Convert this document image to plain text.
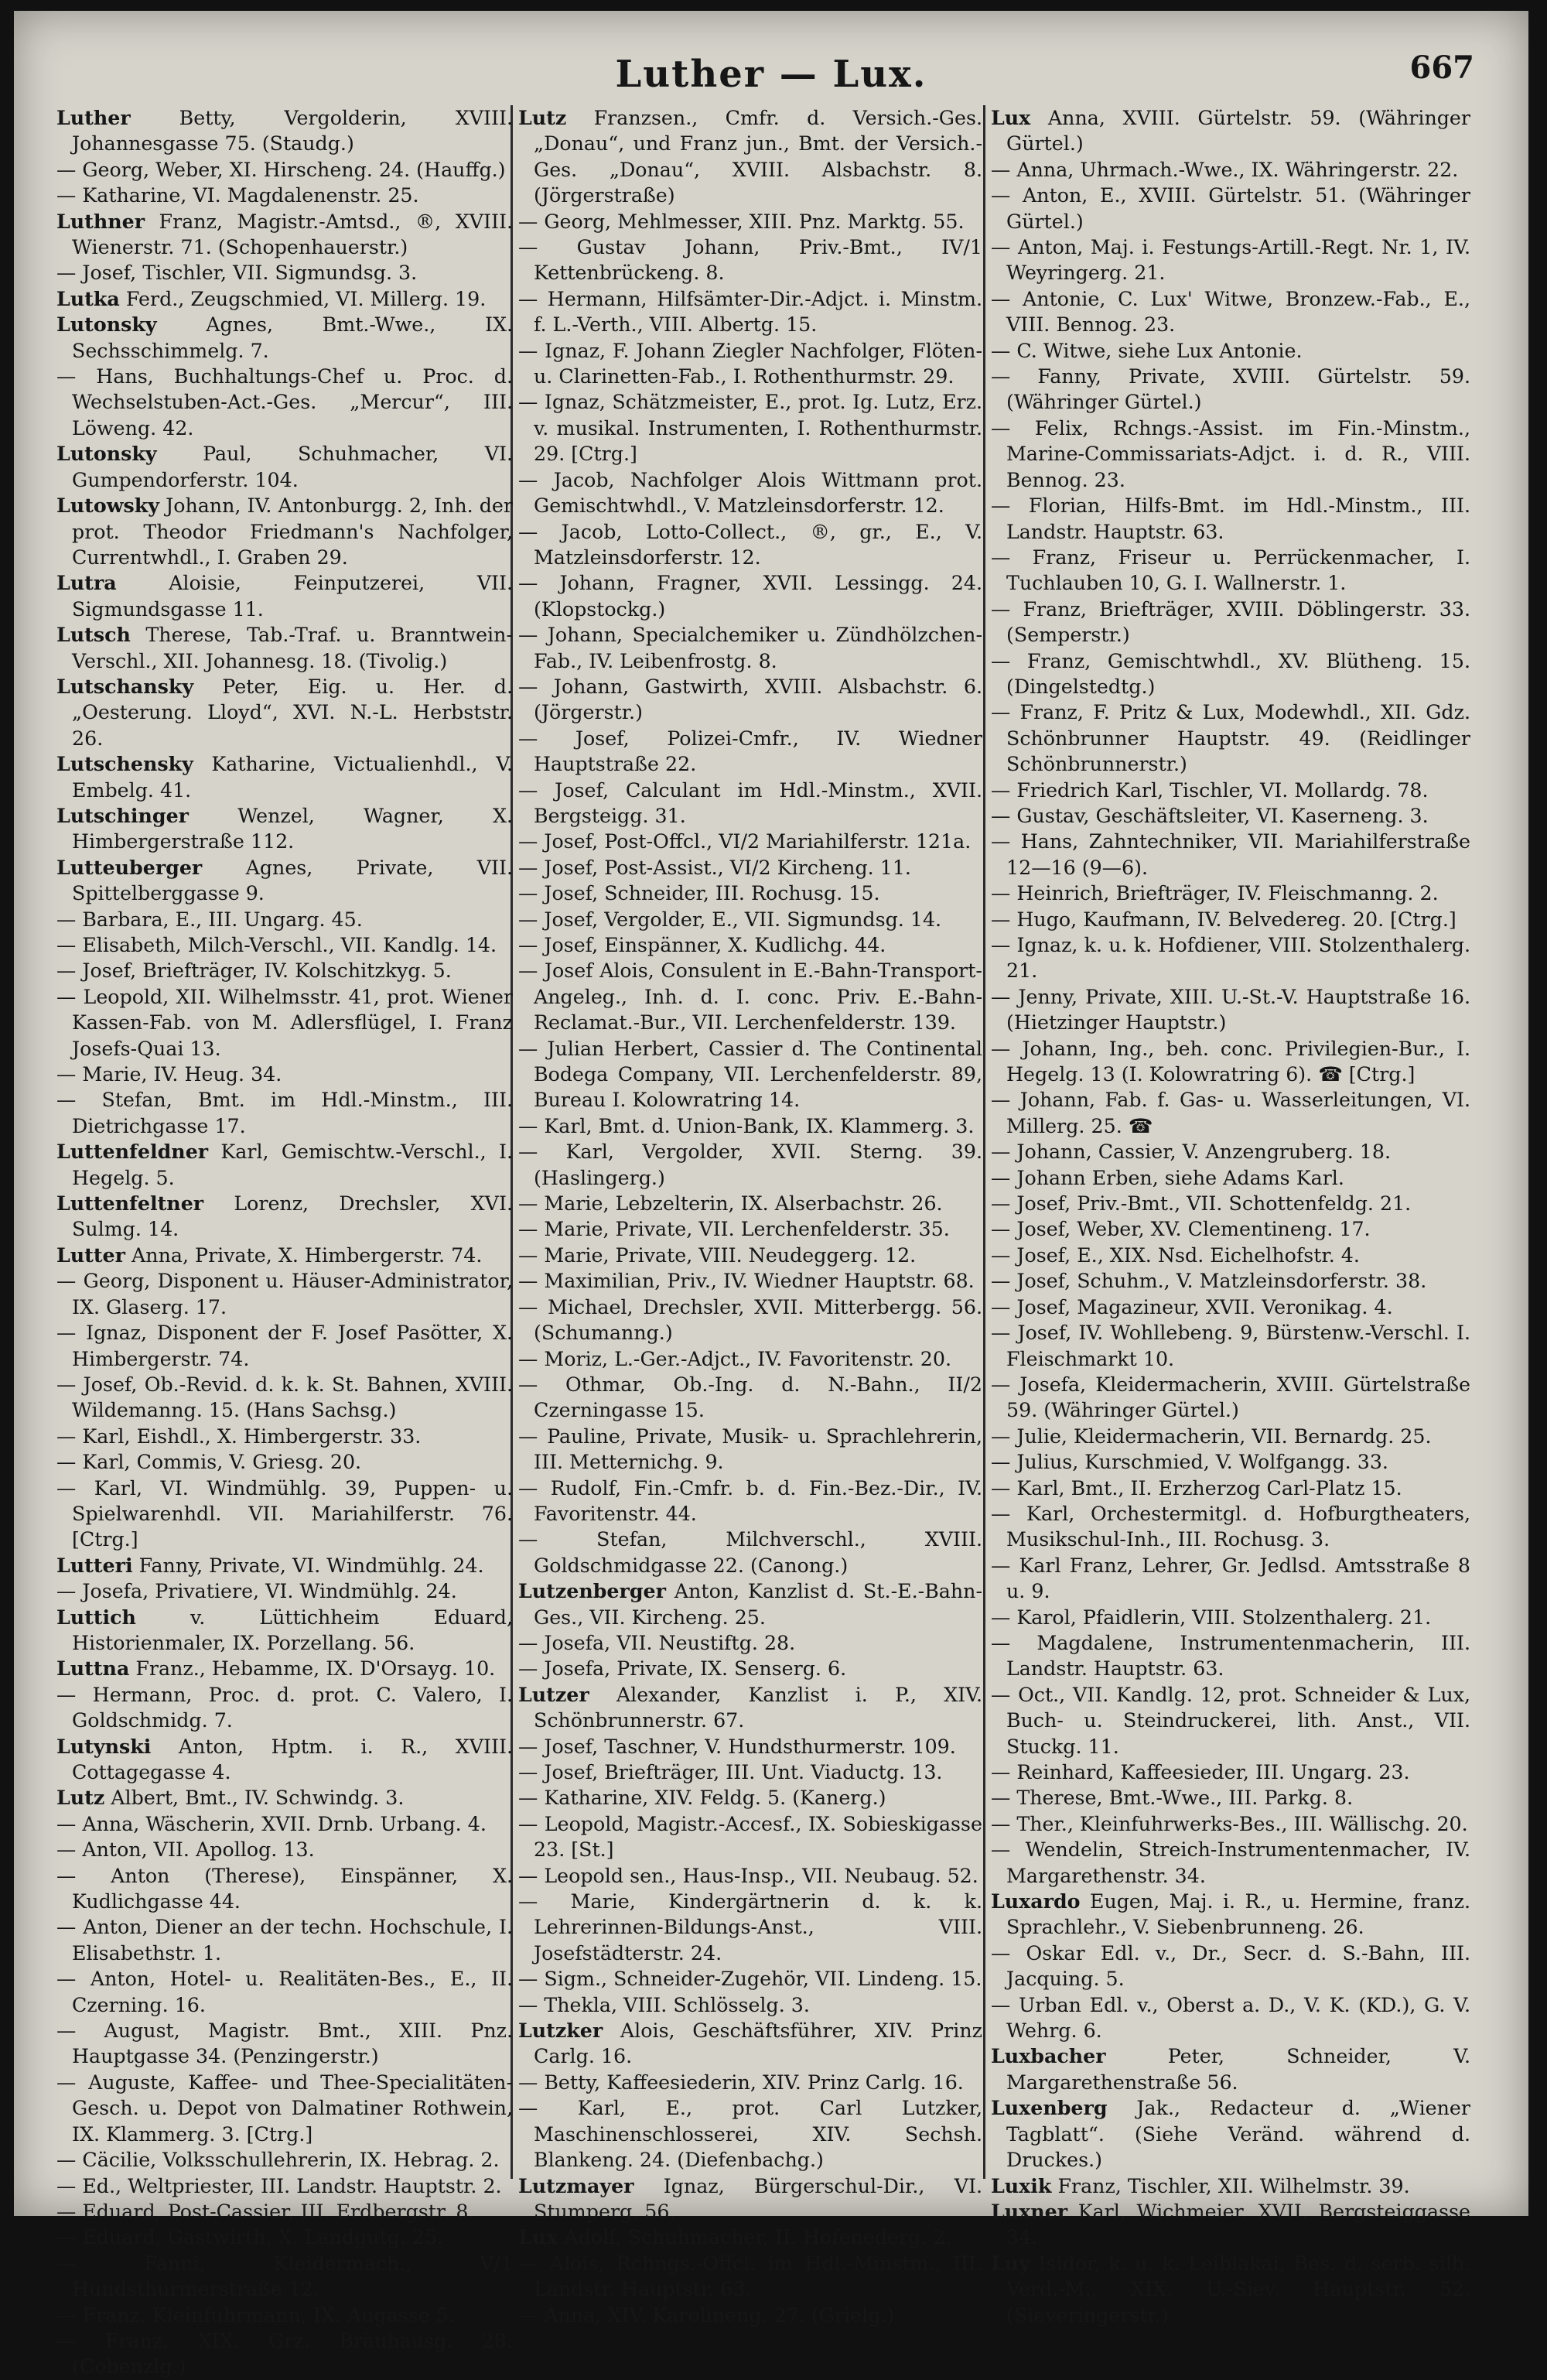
Luther — Lux.	667
Luther Betty, Vergolderin, XVIII. Johannesgasse 75. (Staudg.)
— Georg, Weber, XI. Hirscheng. 24. (Hauffg.)
— Katharine, VI. Magdalenenstr. 25.
Luthner Franz, Magistr.-Amtsd., ®, XVIII. Wienerstr. 71. (Schopenhauerstr.)
— Josef, Tischler, VII. Sigmundsg. 3.
Lutka Ferd., Zeugschmied, VI. Millerg. 19.
Lutonsky Agnes, Bmt.-Wwe., IX. Sechsschimmelg. 7.
— Hans, Buchhaltungs-Chef u. Proc. d. Wechselstuben-Act.-Ges. „Mercur“, III. Löweng. 42.
Lutonsky Paul, Schuhmacher, VI. Gumpendorferstr. 104.
Lutowsky Johann, IV. Antonburgg. 2, Inh. der prot. Theodor Friedmann's Nachfolger, Currentwhdl., I. Graben 29.
Lutra Aloisie, Feinputzerei, VII. Sigmundsgasse 11.
Lutsch Therese, Tab.-Traf. u. Branntwein-Verschl., XII. Johannesg. 18. (Tivolig.)
Lutschansky Peter, Eig. u. Her. d. „Oesterung. Lloyd“, XVI. N.-L. Herbststr. 26.
Lutschensky Katharine, Victualienhdl., V. Embelg. 41.
Lutschinger Wenzel, Wagner, X. Himbergerstraße 112.
Lutteuberger Agnes, Private, VII. Spittelberggasse 9.
— Barbara, E., III. Ungarg. 45.
— Elisabeth, Milch-Verschl., VII. Kandlg. 14.
— Josef, Briefträger, IV. Kolschitzkyg. 5.
— Leopold, XII. Wilhelmsstr. 41, prot. Wiener Kassen-Fab. von M. Adlersflügel, I. Franz Josefs-Quai 13.
— Marie, IV. Heug. 34.
— Stefan, Bmt. im Hdl.-Minstm., III. Dietrichgasse 17.
Luttenfeldner Karl, Gemischtw.-Verschl., I. Hegelg. 5.
Luttenfeltner Lorenz, Drechsler, XVI. Sulmg. 14.
Lutter Anna, Private, X. Himbergerstr. 74.
— Georg, Disponent u. Häuser-Administrator, IX. Glaserg. 17.
— Ignaz, Disponent der F. Josef Pasötter, X. Himbergerstr. 74.
— Josef, Ob.-Revid. d. k. k. St. Bahnen, XVIII. Wildemanng. 15. (Hans Sachsg.)
— Karl, Eishdl., X. Himbergerstr. 33.
— Karl, Commis, V. Griesg. 20.
— Karl, VI. Windmühlg. 39, Puppen- u. Spielwarenhdl. VII. Mariahilferstr. 76. [Ctrg.]
Lutteri Fanny, Private, VI. Windmühlg. 24.
— Josefa, Privatiere, VI. Windmühlg. 24.
Luttich v. Lüttichheim Eduard, Historienmaler, IX. Porzellang. 56.
Luttna Franz., Hebamme, IX. D'Orsayg. 10.
— Hermann, Proc. d. prot. C. Valero, I. Goldschmidg. 7.
Lutynski Anton, Hptm. i. R., XVIII. Cottagegasse 4.
Lutz Albert, Bmt., IV. Schwindg. 3.
— Anna, Wäscherin, XVII. Drnb. Urbang. 4.
— Anton, VII. Apollog. 13.
— Anton (Therese), Einspänner, X. Kudlichgasse 44.
— Anton, Diener an der techn. Hochschule, I. Elisabethstr. 1.
— Anton, Hotel- u. Realitäten-Bes., E., II. Czerning. 16.
— August, Magistr. Bmt., XIII. Pnz. Hauptgasse 34. (Penzingerstr.)
— Auguste, Kaffee- und Thee-Specialitäten-Gesch. u. Depot von Dalmatiner Rothwein, IX. Klammerg. 3. [Ctrg.]
— Cäcilie, Volksschullehrerin, IX. Hebrag. 2.
— Ed., Weltpriester, III. Landstr. Hauptstr. 2.
— Eduard, Post-Cassier, III. Erdbergstr. 8.
— Eduard, Gastwirth, X. Landgutg. 25.
— Fanni, Kleidermach., V/1 Hundsthurmerstraße 12.
— Franz, Kleinfuhrmann, IX. Augasse 5.
— Franz, XIX. Grz. Bräuhausg. 28. (Cobenzlg.)
Lutz Franzsen., Cmfr. d. Versich.-Ges. „Donau“, und Franz jun., Bmt. der Versich.-Ges. „Donau“, XVIII. Alsbachstr. 8. (Jörgerstraße)
— Georg, Mehlmesser, XIII. Pnz. Marktg. 55.
— Gustav Johann, Priv.-Bmt., IV/1 Kettenbrückeng. 8.
— Hermann, Hilfsämter-Dir.-Adjct. i. Minstm. f. L.-Verth., VIII. Albertg. 15.
— Ignaz, F. Johann Ziegler Nachfolger, Flöten- u. Clarinetten-Fab., I. Rothenthurmstr. 29.
— Ignaz, Schätzmeister, E., prot. Ig. Lutz, Erz. v. musikal. Instrumenten, I. Rothenthurmstr. 29. [Ctrg.]
— Jacob, Nachfolger Alois Wittmann prot. Gemischtwhdl., V. Matzleinsdorferstr. 12.
— Jacob, Lotto-Collect., ®, gr., E., V. Matzleinsdorferstr. 12.
— Johann, Fragner, XVII. Lessingg. 24. (Klopstockg.)
— Johann, Specialchemiker u. Zündhölzchen-Fab., IV. Leibenfrostg. 8.
— Johann, Gastwirth, XVIII. Alsbachstr. 6. (Jörgerstr.)
— Josef, Polizei-Cmfr., IV. Wiedner Hauptstraße 22.
— Josef, Calculant im Hdl.-Minstm., XVII. Bergsteigg. 31.
— Josef, Post-Offcl., VI/2 Mariahilferstr. 121a.
— Josef, Post-Assist., VI/2 Kircheng. 11.
— Josef, Schneider, III. Rochusg. 15.
— Josef, Vergolder, E., VII. Sigmundsg. 14.
— Josef, Einspänner, X. Kudlichg. 44.
— Josef Alois, Consulent in E.-Bahn-Transport-Angeleg., Inh. d. I. conc. Priv. E.-Bahn-Reclamat.-Bur., VII. Lerchenfelderstr. 139.
— Julian Herbert, Cassier d. The Continental Bodega Company, VII. Lerchenfelderstr. 89, Bureau I. Kolowratring 14.
— Karl, Bmt. d. Union-Bank, IX. Klammerg. 3.
— Karl, Vergolder, XVII. Sterng. 39. (Haslingerg.)
— Marie, Lebzelterin, IX. Alserbachstr. 26.
— Marie, Private, VII. Lerchenfelderstr. 35.
— Marie, Private, VIII. Neudeggerg. 12.
— Maximilian, Priv., IV. Wiedner Hauptstr. 68.
— Michael, Drechsler, XVII. Mitterbergg. 56. (Schumanng.)
— Moriz, L.-Ger.-Adjct., IV. Favoritenstr. 20.
— Othmar, Ob.-Ing. d. N.-Bahn., II/2 Czerningasse 15.
— Pauline, Private, Musik- u. Sprachlehrerin, III. Metternichg. 9.
— Rudolf, Fin.-Cmfr. b. d. Fin.-Bez.-Dir., IV. Favoritenstr. 44.
— Stefan, Milchverschl., XVIII. Goldschmidgasse 22. (Canong.)
Lutzenberger Anton, Kanzlist d. St.-E.-Bahn-Ges., VII. Kircheng. 25.
— Josefa, VII. Neustiftg. 28.
— Josefa, Private, IX. Senserg. 6.
Lutzer Alexander, Kanzlist i. P., XIV. Schönbrunnerstr. 67.
— Josef, Taschner, V. Hundsthurmerstr. 109.
— Josef, Briefträger, III. Unt. Viaductg. 13.
— Katharine, XIV. Feldg. 5. (Kanerg.)
— Leopold, Magistr.-Accesf., IX. Sobieskigasse 23. [St.]
— Leopold sen., Haus-Insp., VII. Neubaug. 52.
— Marie, Kindergärtnerin d. k. k. Lehrerinnen-Bildungs-Anst., VIII. Josefstädterstr. 24.
— Sigm., Schneider-Zugehör, VII. Lindeng. 15.
— Thekla, VIII. Schlösselg. 3.
Lutzker Alois, Geschäftsführer, XIV. Prinz Carlg. 16.
— Betty, Kaffeesiederin, XIV. Prinz Carlg. 16.
— Karl, E., prot. Carl Lutzker, Maschinenschlosserei, XIV. Sechsh. Blankeng. 24. (Diefenbachg.)
Lutzmayer Ignaz, Bürgerschul-Dir., VI. Stumperg. 56.
Lux Adolf, Schuhmacher, II. Hofenederg. 2.
— Alois, Rchngs.-Offcl. im Hdl.-Minstm., III. Landstr. Hauptstr. 63.
— Anna, XIV. Karolineng. 27. (Grielg.)
Lux Anna, XVIII. Gürtelstr. 59. (Währinger Gürtel.)
— Anna, Uhrmach.-Wwe., IX. Währingerstr. 22.
— Anton, E., XVIII. Gürtelstr. 51. (Währinger Gürtel.)
— Anton, Maj. i. Festungs-Artill.-Regt. Nr. 1, IV. Weyringerg. 21.
— Antonie, C. Lux' Witwe, Bronzew.-Fab., E., VIII. Bennog. 23.
— C. Witwe, siehe Lux Antonie.
— Fanny, Private, XVIII. Gürtelstr. 59. (Währinger Gürtel.)
— Felix, Rchngs.-Assist. im Fin.-Minstm., Marine-Commissariats-Adjct. i. d. R., VIII. Bennog. 23.
— Florian, Hilfs-Bmt. im Hdl.-Minstm., III. Landstr. Hauptstr. 63.
— Franz, Friseur u. Perrückenmacher, I. Tuchlauben 10, G. I. Wallnerstr. 1.
— Franz, Briefträger, XVIII. Döblingerstr. 33. (Semperstr.)
— Franz, Gemischtwhdl., XV. Blütheng. 15. (Dingelstedtg.)
— Franz, F. Pritz & Lux, Modewhdl., XII. Gdz. Schönbrunner Hauptstr. 49. (Reidlinger Schönbrunnerstr.)
— Friedrich Karl, Tischler, VI. Mollardg. 78.
— Gustav, Geschäftsleiter, VI. Kaserneng. 3.
— Hans, Zahntechniker, VII. Mariahilferstraße 12—16 (9—6).
— Heinrich, Briefträger, IV. Fleischmanng. 2.
— Hugo, Kaufmann, IV. Belvedereg. 20. [Ctrg.]
— Ignaz, k. u. k. Hofdiener, VIII. Stolzenthalerg. 21.
— Jenny, Private, XIII. U.-St.-V. Hauptstraße 16. (Hietzinger Hauptstr.)
— Johann, Ing., beh. conc. Privilegien-Bur., I. Hegelg. 13 (I. Kolowratring 6). ☎ [Ctrg.]
— Johann, Fab. f. Gas- u. Wasserleitungen, VI. Millerg. 25. ☎
— Johann, Cassier, V. Anzengruberg. 18.
— Johann Erben, siehe Adams Karl.
— Josef, Priv.-Bmt., VII. Schottenfeldg. 21.
— Josef, Weber, XV. Clementineng. 17.
— Josef, E., XIX. Nsd. Eichelhofstr. 4.
— Josef, Schuhm., V. Matzleinsdorferstr. 38.
— Josef, Magazineur, XVII. Veronikag. 4.
— Josef, IV. Wohllebeng. 9, Bürstenw.-Verschl. I. Fleischmarkt 10.
— Josefa, Kleidermacherin, XVIII. Gürtelstraße 59. (Währinger Gürtel.)
— Julie, Kleidermacherin, VII. Bernardg. 25.
— Julius, Kurschmied, V. Wolfgangg. 33.
— Karl, Bmt., II. Erzherzog Carl-Platz 15.
— Karl, Orchestermitgl. d. Hofburgtheaters, Musikschul-Inh., III. Rochusg. 3.
— Karl Franz, Lehrer, Gr. Jedlsd. Amtsstraße 8 u. 9.
— Karol, Pfaidlerin, VIII. Stolzenthalerg. 21.
— Magdalene, Instrumentenmacherin, III. Landstr. Hauptstr. 63.
— Oct., VII. Kandlg. 12, prot. Schneider & Lux, Buch- u. Steindruckerei, lith. Anst., VII. Stuckg. 11.
— Reinhard, Kaffeesieder, III. Ungarg. 23.
— Therese, Bmt.-Wwe., III. Parkg. 8.
— Ther., Kleinfuhrwerks-Bes., III. Wällischg. 20.
— Wendelin, Streich-Instrumentenmacher, IV. Margarethenstr. 34.
Luxardo Eugen, Maj. i. R., u. Hermine, franz. Sprachlehr., V. Siebenbrunneng. 26.
— Oskar Edl. v., Dr., Secr. d. S.-Bahn, III. Jacquing. 5.
— Urban Edl. v., Oberst a. D., V. K. (KD.), G. V. Wehrg. 6.
Luxbacher Peter, Schneider, V. Margarethenstraße 56.
Luxenberg Jak., Redacteur d. „Wiener Tagblatt“. (Siehe Veränd. während d. Druckes.)
Luxik Franz, Tischler, XII. Wilhelmstr. 39.
Luxner Karl, Wichmeier, XVII. Bergsteiggasse 34.
Luy Isidor, k. u. k. Leiblakai, Bes. d. serb. silb. Verd.-M., XIX. U.-Siev. Hauptstr. 52. (Sieveringerstr.)
